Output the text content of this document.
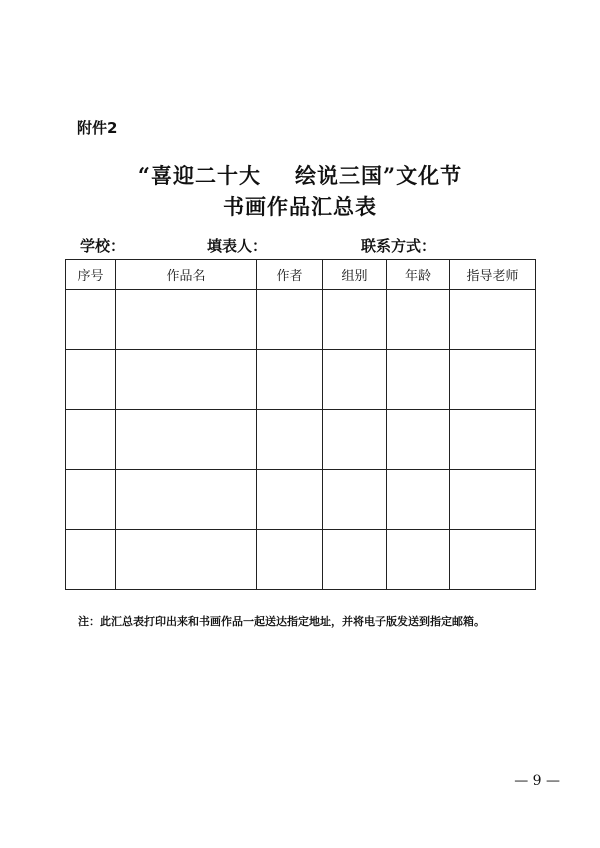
附件2
“喜迎二十大 绘说三国”文化节
书画作品汇总表
学校：	填表人：	联系方式：
序号	作品名	作者	组别	年龄	指导老师

注：此汇总表打印出来和书画作品一起送达指定地址，并将电子版发送到指定邮箱。
— 9 —
